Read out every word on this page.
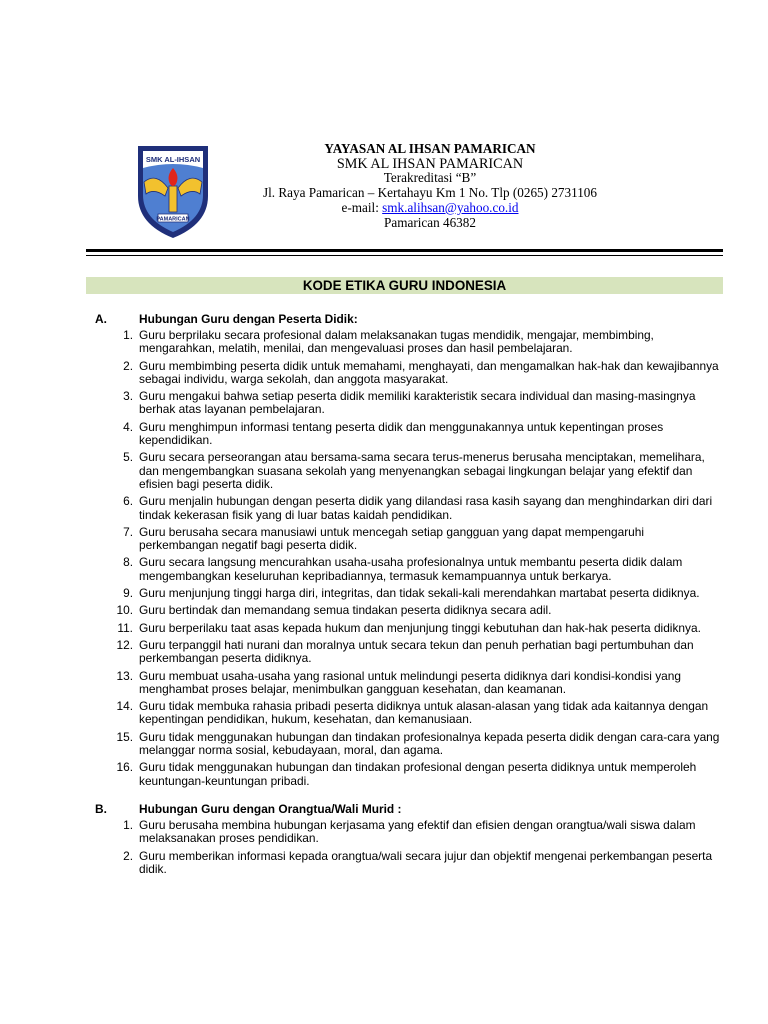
SMK AL-IHSAN
PAMARICAN
YAYASAN AL IHSAN PAMARICAN
SMK AL IHSAN PAMARICAN
Terakreditasi “B”
Jl. Raya Pamarican – Kertahayu Km 1 No. Tlp (0265) 2731106
e-mail: smk.alihsan@yahoo.co.id
Pamarican 46382
KODE ETIKA GURU INDONESIA
A.	Hubungan Guru dengan Peserta Didik:
1. Guru berprilaku secara profesional dalam melaksanakan tugas mendidik, mengajar, membimbing, mengarahkan, melatih, menilai, dan mengevaluasi proses dan hasil pembelajaran.
2. Guru membimbing peserta didik untuk memahami, menghayati, dan mengamalkan hak-hak dan kewajibannya sebagai individu, warga sekolah, dan anggota masyarakat.
3. Guru mengakui bahwa setiap peserta didik memiliki karakteristik secara individual dan masing-masingnya berhak atas layanan pembelajaran.
4. Guru menghimpun informasi tentang peserta didik dan menggunakannya untuk kepentingan proses kependidikan.
5. Guru secara perseorangan atau bersama-sama secara terus-menerus berusaha menciptakan, memelihara, dan mengembangkan suasana sekolah yang menyenangkan sebagai lingkungan belajar yang efektif dan efisien bagi peserta didik.
6. Guru menjalin hubungan dengan peserta didik yang dilandasi rasa kasih sayang dan menghindarkan diri dari tindak kekerasan fisik yang di luar batas kaidah pendidikan.
7. Guru berusaha secara manusiawi untuk mencegah setiap gangguan yang dapat mempengaruhi perkembangan negatif bagi peserta didik.
8. Guru secara langsung mencurahkan usaha-usaha profesionalnya untuk membantu peserta didik dalam mengembangkan keseluruhan kepribadiannya, termasuk kemampuannya untuk berkarya.
9. Guru menjunjung tinggi harga diri, integritas, dan tidak sekali-kali merendahkan martabat peserta didiknya.
10. Guru bertindak dan memandang semua tindakan peserta didiknya secara adil.
11. Guru berperilaku taat asas kepada hukum dan menjunjung tinggi kebutuhan dan hak-hak peserta didiknya.
12. Guru terpanggil hati nurani dan moralnya untuk secara tekun dan penuh perhatian bagi pertumbuhan dan perkembangan peserta didiknya.
13. Guru membuat usaha-usaha yang rasional untuk melindungi peserta didiknya dari kondisi-kondisi yang menghambat proses belajar, menimbulkan gangguan kesehatan, dan keamanan.
14. Guru tidak membuka rahasia pribadi peserta didiknya untuk alasan-alasan yang tidak ada kaitannya dengan kepentingan pendidikan, hukum, kesehatan, dan kemanusiaan.
15. Guru tidak menggunakan hubungan dan tindakan profesionalnya kepada peserta didik dengan cara-cara yang melanggar norma sosial, kebudayaan, moral, dan agama.
16. Guru tidak menggunakan hubungan dan tindakan profesional dengan peserta didiknya untuk memperoleh keuntungan-keuntungan pribadi.
B.	Hubungan Guru dengan Orangtua/Wali Murid :
1. Guru berusaha membina hubungan kerjasama yang efektif dan efisien dengan orangtua/wali siswa dalam melaksanakan proses pendidikan.
2. Guru memberikan informasi kepada orangtua/wali secara jujur dan objektif mengenai perkembangan peserta didik.
